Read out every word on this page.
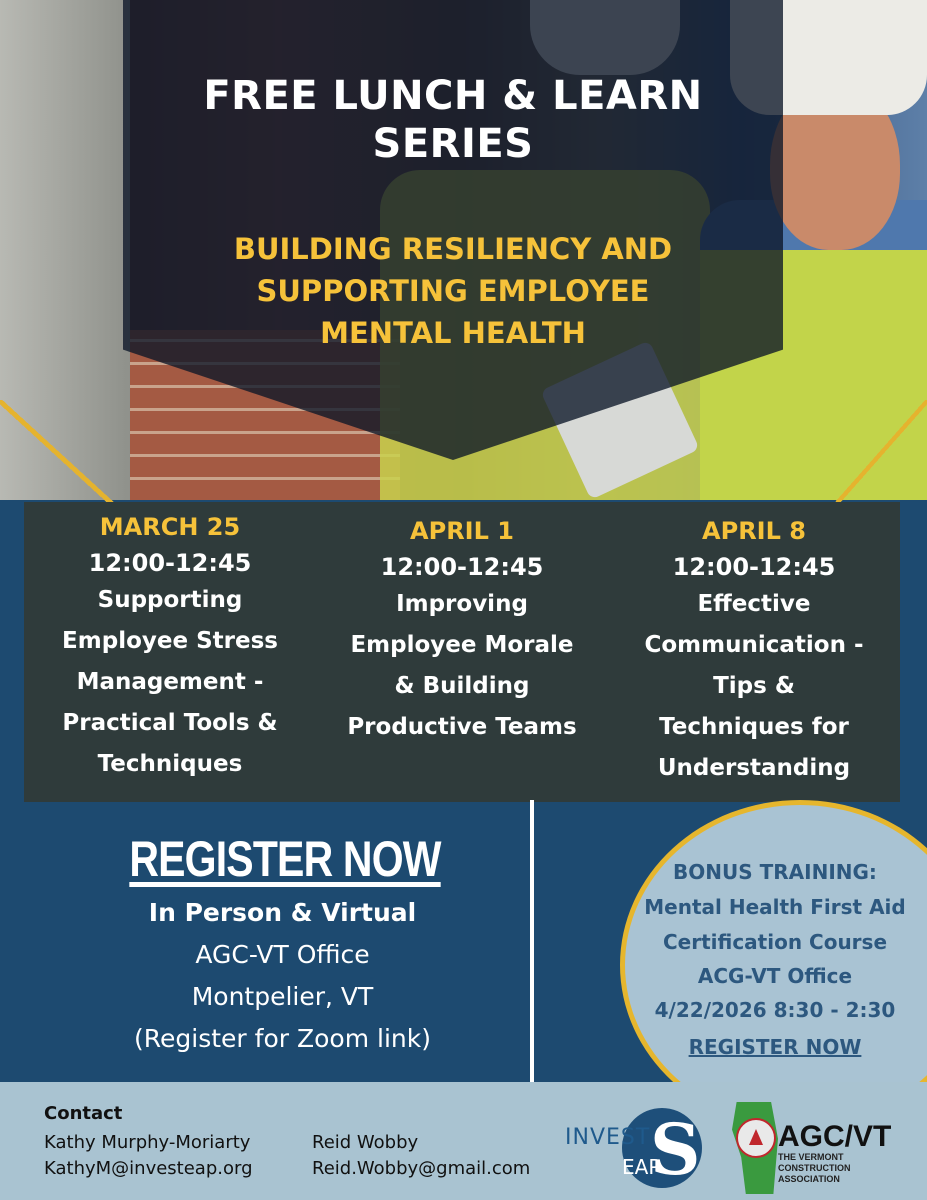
FREE LUNCH & LEARN
SERIES
BUILDING RESILIENCY AND
SUPPORTING EMPLOYEE
MENTAL HEALTH
MARCH 25
12:00-12:45
Supporting
Employee Stress
Management -
Practical Tools &
Techniques
APRIL 1
12:00-12:45
Improving
Employee Morale
& Building
Productive Teams
APRIL 8
12:00-12:45
Effective
Communication -
Tips &
Techniques for
Understanding
REGISTER NOW
In Person & Virtual
AGC-VT Office
Montpelier, VT
(Register for Zoom link)
BONUS TRAINING:
Mental Health First Aid
Certification Course
ACG-VT Office
4/22/2026 8:30 - 2:30
REGISTER NOW
Contact
Kathy Murphy-Moriarty
KathyM@investeap.org
Reid Wobby
Reid.Wobby@gmail.com
INVEST S
EAP
AGC/VT
THE VERMONT CONSTRUCTION ASSOCIATION
